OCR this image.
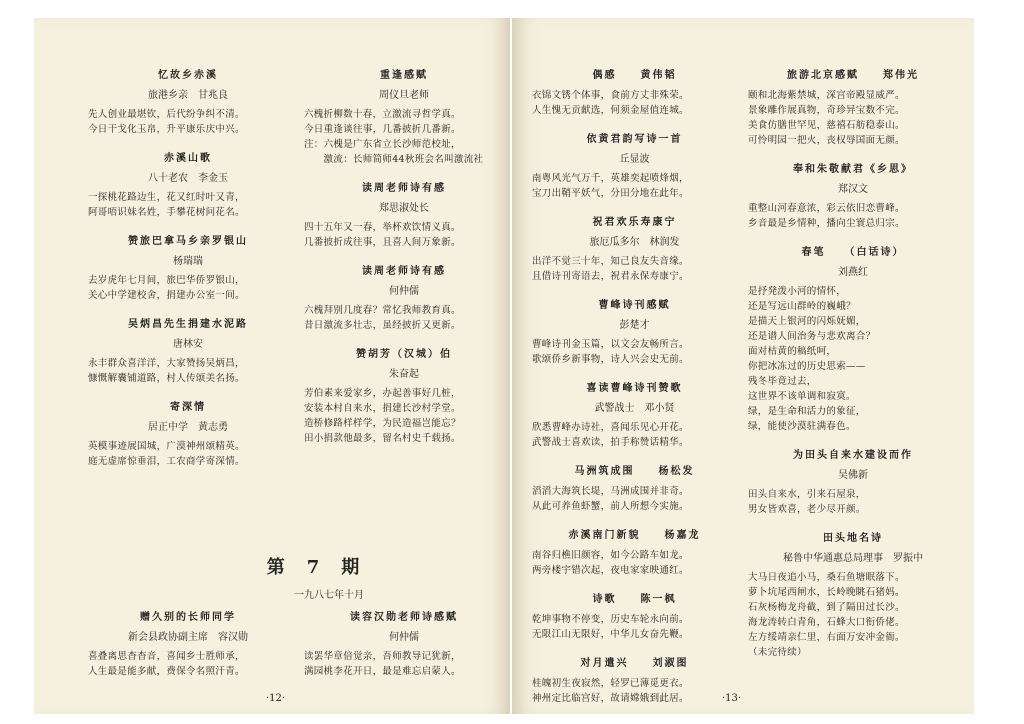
忆故乡赤溪
旅港乡亲　甘兆良
先人创业最堪钦，后代纷争纠不清。
今日干戈化玉帛，升平康乐庆中兴。
赤溪山歌
八十老农　李金玉
一探桃花路边生，花又红时叶又青，
阿哥唔识妹名姓，手攀花树问花名。
赞旅巴拿马乡亲罗银山
杨瑞瑞
去岁虎年七月间，旅巴华侨罗银山，
关心中学建校舍，捐建办公室一间。
吴炳昌先生捐建水泥路
唐林安
永丰群众喜洋洋，大家赞扬吴炳昌，
慷慨解囊铺道路，村人传颂美名扬。
寄深情
居正中学　黄志勇
英模事迹展国城，广漠神州颂精英。
庭无虚席惊垂泪，工农商学寄深情。
重逢感赋
周仪旦老师
六槐折柳数十春，立激流寻哲学真。
今日重逢谈往事，几番披折几番新。
注：六槐是广东省立长沙师范校址，
　　激流：长师简师44秋班会名叫激流社
读周老师诗有感
郑思淑处长
四十五年又一春，举杯欢饮情义真。
几番披折成往事，且喜人间万象新。
读周老师诗有感
何仲儒
六槐拜别几度春？常忆我师教育真。
昔日激流多壮志，虽经披折又更新。
赞胡芳（汉城）伯
朱奋起
芳伯素来爱家乡，办起善事好几桩，
安装本村自来水，捐建长沙村学堂。
造桥修路样样学，为民造福岂能忘？
田小捐款他最多，留名村史千载扬。
第7期
一九八七年十月
赠久别的长师同学
新会县政协副主席　容汉勋
喜叠离思杳杳音，喜闻乡士胜师承，
人生最是能多献，费保令名照汗青。
读容汉勋老师诗感赋
何仲儒
读罢华章倍觉亲，吾师教导记犹新，
满园桃李花开日，最是难忘启蒙人。
·12·
偶感　　黄伟韬
衣锦文锈个体事，食前方丈非殊荣。
人生愧无贡献选，何须金屋值连城。
依黄君韵写诗一首
丘显波
南粤风光气万千，英雄奕起喷烽烟，
宝刀出鞘平妖气，分田分地在此年。
祝君欢乐寿康宁
旅厄瓜多尔　林润发
出洋不觉三十年，知己良友失音缘。
且借诗刊寄语去，祝君永保寿康宁。
曹峰诗刊感赋
彭楚才
曹峰诗刊金玉篇，以文会友畅所言。
歌颂侨乡新事物，诗人兴会史无前。
喜读曹峰诗刊赞歌
武警战士　邓小贤
欣悉曹峰办诗社，喜闻乐见心开花。
武警战士喜欢读，拍手称赞话精华。
马洲筑成围　　杨松发
滔滔大海筑长堤，马洲成围并非奇。
从此可养鱼虾蟹，前人所想今实施。
赤溪南门新貌　　杨嘉龙
南谷归樵旧颜容，如今公路车如龙。
两旁楼宇错次起，夜电家家映通红。
诗歌　　陈一枫
乾坤事物不停变，历史车轮永向前。
无限江山无限好，中华儿女奋先鞭。
对月遣兴　　刘淑图
桂魄初生夜寂然，轻罗已薄觅更衣。
神州定比临宫好，故请嫦娥到此居。
旅游北京感赋　　郑伟光
颐和北海紫禁城，深宫帝殿显威严。
景象雕作展真物，奇珍异宝数不完。
美食仿膳世罕见，慈禧石舫稳泰山。
可怜明园一把火，丧权辱国面无颜。
奉和朱敬献君《乡思》
郑汉文
重整山河春意浓，彩云依旧恋曹峰。
乡音最是乡情种，播向尘寰总归宗。
春笔　　（白话诗）
刘燕红
是抒発泼小河的情怀，
还是写远山群岭的巍峨？
是描天上银河的闪烁妩媚，
还是谱人间治务与悲欢离合？
面对枯黄的稿纸呵，
你把冰冻过的历史思索——
残冬毕竟过去，
这世界不该单调和寂寞。
绿，是生命和活力的象征，
绿，能使沙漠驻满春色。
为田头自来水建设而作
吴佛新
田头自来水，引来石屋泉，
男女皆欢喜，老少尽开颜。
田头地名诗
秘鲁中华通惠总局理事　罗振中
大马日夜追小马，桑石鱼塘眠落下。
萝卜坑尾西闸水，长岭晚眺石猪妈。
石灰杨梅龙舟截，到了隔田过长沙。
海龙涛转白青角，石蜂大口衔侨佬。
左方绥靖亲仁里，右面万安冲金衙。
（未完待续）
·13·
